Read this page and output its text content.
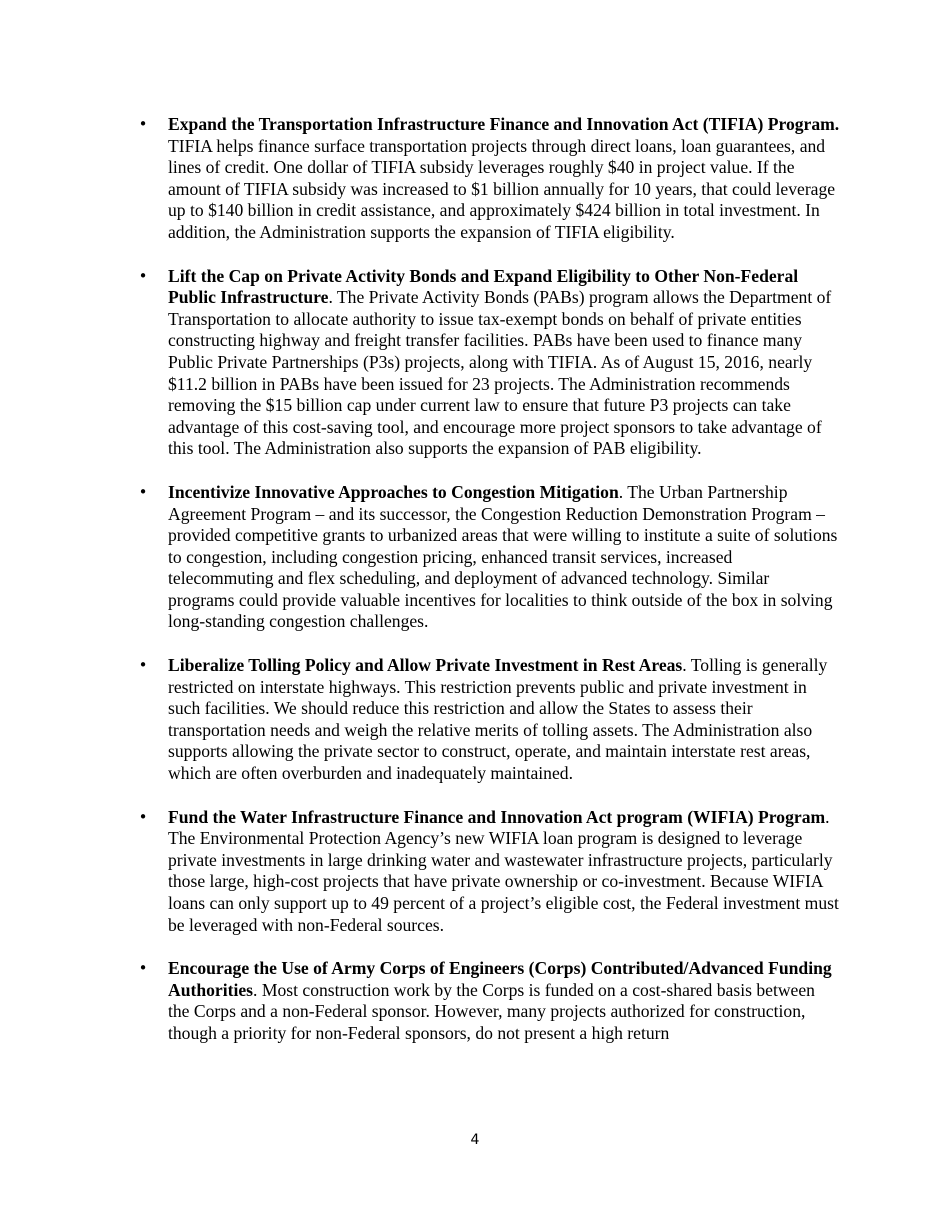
• Expand the Transportation Infrastructure Finance and Innovation Act (TIFIA) Program. TIFIA helps finance surface transportation projects through direct loans, loan guarantees, and lines of credit. One dollar of TIFIA subsidy leverages roughly $40 in project value. If the amount of TIFIA subsidy was increased to $1 billion annually for 10 years, that could leverage up to $140 billion in credit assistance, and approximately $424 billion in total investment. In addition, the Administration supports the expansion of TIFIA eligibility.
• Lift the Cap on Private Activity Bonds and Expand Eligibility to Other Non-Federal Public Infrastructure. The Private Activity Bonds (PABs) program allows the Department of Transportation to allocate authority to issue tax-exempt bonds on behalf of private entities constructing highway and freight transfer facilities. PABs have been used to finance many Public Private Partnerships (P3s) projects, along with TIFIA. As of August 15, 2016, nearly $11.2 billion in PABs have been issued for 23 projects. The Administration recommends removing the $15 billion cap under current law to ensure that future P3 projects can take advantage of this cost-saving tool, and encourage more project sponsors to take advantage of this tool. The Administration also supports the expansion of PAB eligibility.
• Incentivize Innovative Approaches to Congestion Mitigation. The Urban Partnership Agreement Program – and its successor, the Congestion Reduction Demonstration Program – provided competitive grants to urbanized areas that were willing to institute a suite of solutions to congestion, including congestion pricing, enhanced transit services, increased telecommuting and flex scheduling, and deployment of advanced technology. Similar programs could provide valuable incentives for localities to think outside of the box in solving long-standing congestion challenges.
• Liberalize Tolling Policy and Allow Private Investment in Rest Areas. Tolling is generally restricted on interstate highways. This restriction prevents public and private investment in such facilities. We should reduce this restriction and allow the States to assess their transportation needs and weigh the relative merits of tolling assets. The Administration also supports allowing the private sector to construct, operate, and maintain interstate rest areas, which are often overburden and inadequately maintained.
• Fund the Water Infrastructure Finance and Innovation Act program (WIFIA) Program. The Environmental Protection Agency’s new WIFIA loan program is designed to leverage private investments in large drinking water and wastewater infrastructure projects, particularly those large, high-cost projects that have private ownership or co-investment. Because WIFIA loans can only support up to 49 percent of a project’s eligible cost, the Federal investment must be leveraged with non-Federal sources.
• Encourage the Use of Army Corps of Engineers (Corps) Contributed/Advanced Funding Authorities. Most construction work by the Corps is funded on a cost-shared basis between the Corps and a non-Federal sponsor. However, many projects authorized for construction, though a priority for non-Federal sponsors, do not present a high return
4
